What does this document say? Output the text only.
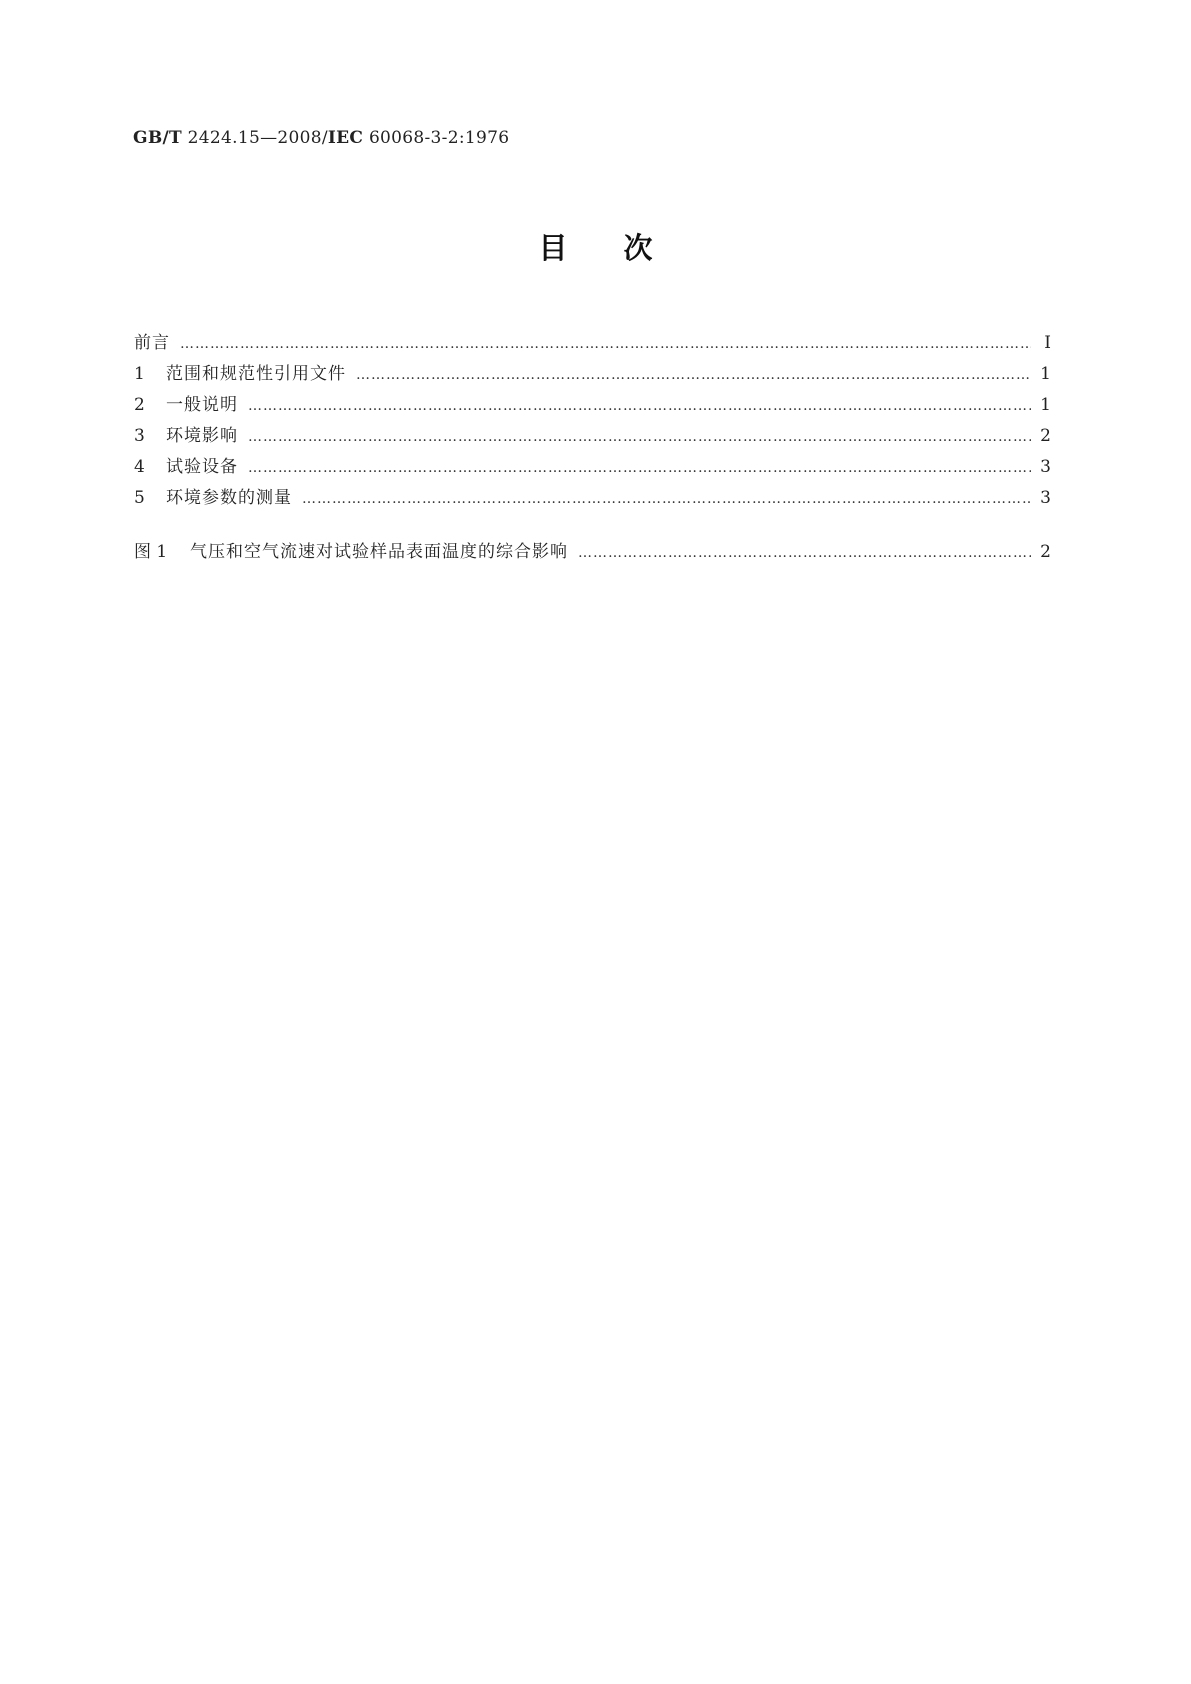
GB/T 2424.15—2008/IEC 60068-3-2:1976
目次
前言 …………………………………………………………………………………………………………………………………………………………………………………………………	Ⅰ
1	范围和规范性引用文件 …………………………………………………………………………………………………………………………………………………………………………………………………	1
2	一般说明 …………………………………………………………………………………………………………………………………………………………………………………………………	1
3	环境影响 …………………………………………………………………………………………………………………………………………………………………………………………………	2
4	试验设备 …………………………………………………………………………………………………………………………………………………………………………………………………	3
5	环境参数的测量 …………………………………………………………………………………………………………………………………………………………………………………………………	3
图 1	气压和空气流速对试验样品表面温度的综合影响 …………………………………………………………………………………………………………………………………………………………………………………………………	2
